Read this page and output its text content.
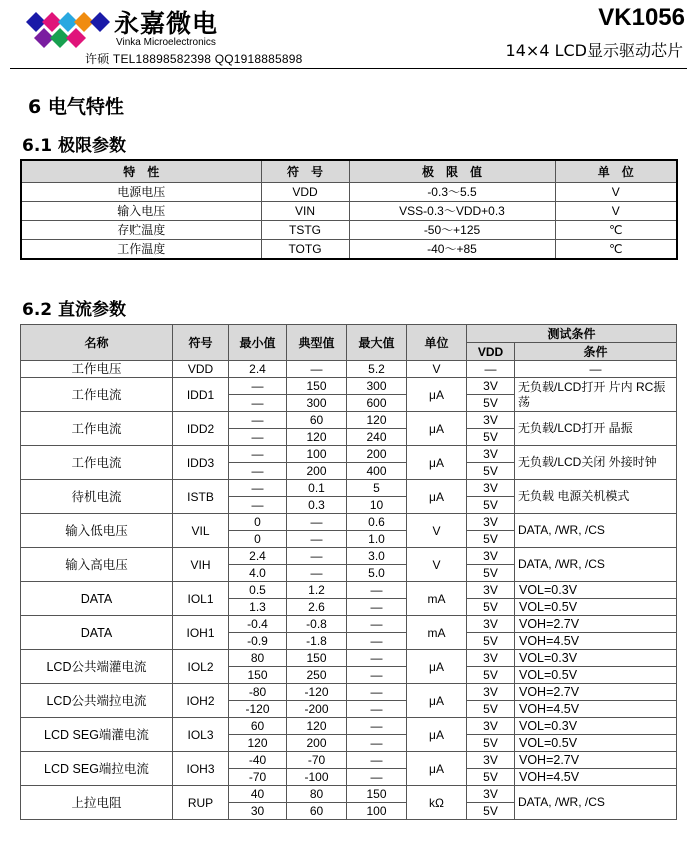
永嘉微电
Vinka Microelectronics
许硕 TEL18898582398 QQ1918885898
VK1056
14×4 LCD显示驱动芯片
6 电气特性
6.1 极限参数
特　性	符　号	极　限　值	单　位
电源电压	VDD	-0.3～5.5	V
输入电压	VIN	VSS-0.3～VDD+0.3	V
存贮温度	TSTG	-50～+125	℃
工作温度	TOTG	-40～+85	℃
6.2 直流参数
名称	符号	最小值	典型值	最大值	单位	测试条件	
						VDD	条件
工作电压	VDD	2.4	—	5.2	V	—	—
工作电流	IDD1	—	150	300	μA	3V	无负载/LCD打开 片内 RC振荡
		—	300	600		5V	
工作电流	IDD2	—	60	120	μA	3V	无负载/LCD打开 晶振
		—	120	240		5V	
工作电流	IDD3	—	100	200	μA	3V	无负载/LCD关闭 外接时钟
		—	200	400		5V	
待机电流	ISTB	—	0.1	5	μA	3V	无负载 电源关机模式
		—	0.3	10		5V	
输入低电压	VIL	0	—	0.6	V	3V	DATA, /WR, /CS
		0	—	1.0		5V	
输入高电压	VIH	2.4	—	3.0	V	3V	DATA, /WR, /CS
		4.0	—	5.0		5V	
DATA	IOL1	0.5	1.2	—	mA	3V	VOL=0.3V
		1.3	2.6	—		5V	VOL=0.5V
DATA	IOH1	-0.4	-0.8	—	mA	3V	VOH=2.7V
		-0.9	-1.8	—		5V	VOH=4.5V
LCD公共端灌电流	IOL2	80	150	—	μA	3V	VOL=0.3V
		150	250	—		5V	VOL=0.5V
LCD公共端拉电流	IOH2	-80	-120	—	μA	3V	VOH=2.7V
		-120	-200	—		5V	VOH=4.5V
LCD SEG端灌电流	IOL3	60	120	—	μA	3V	VOL=0.3V
		120	200	—		5V	VOL=0.5V
LCD SEG端拉电流	IOH3	-40	-70	—	μA	3V	VOH=2.7V
		-70	-100	—		5V	VOH=4.5V
上拉电阻	RUP	40	80	150	kΩ	3V	DATA, /WR, /CS
		30	60	100		5V	
